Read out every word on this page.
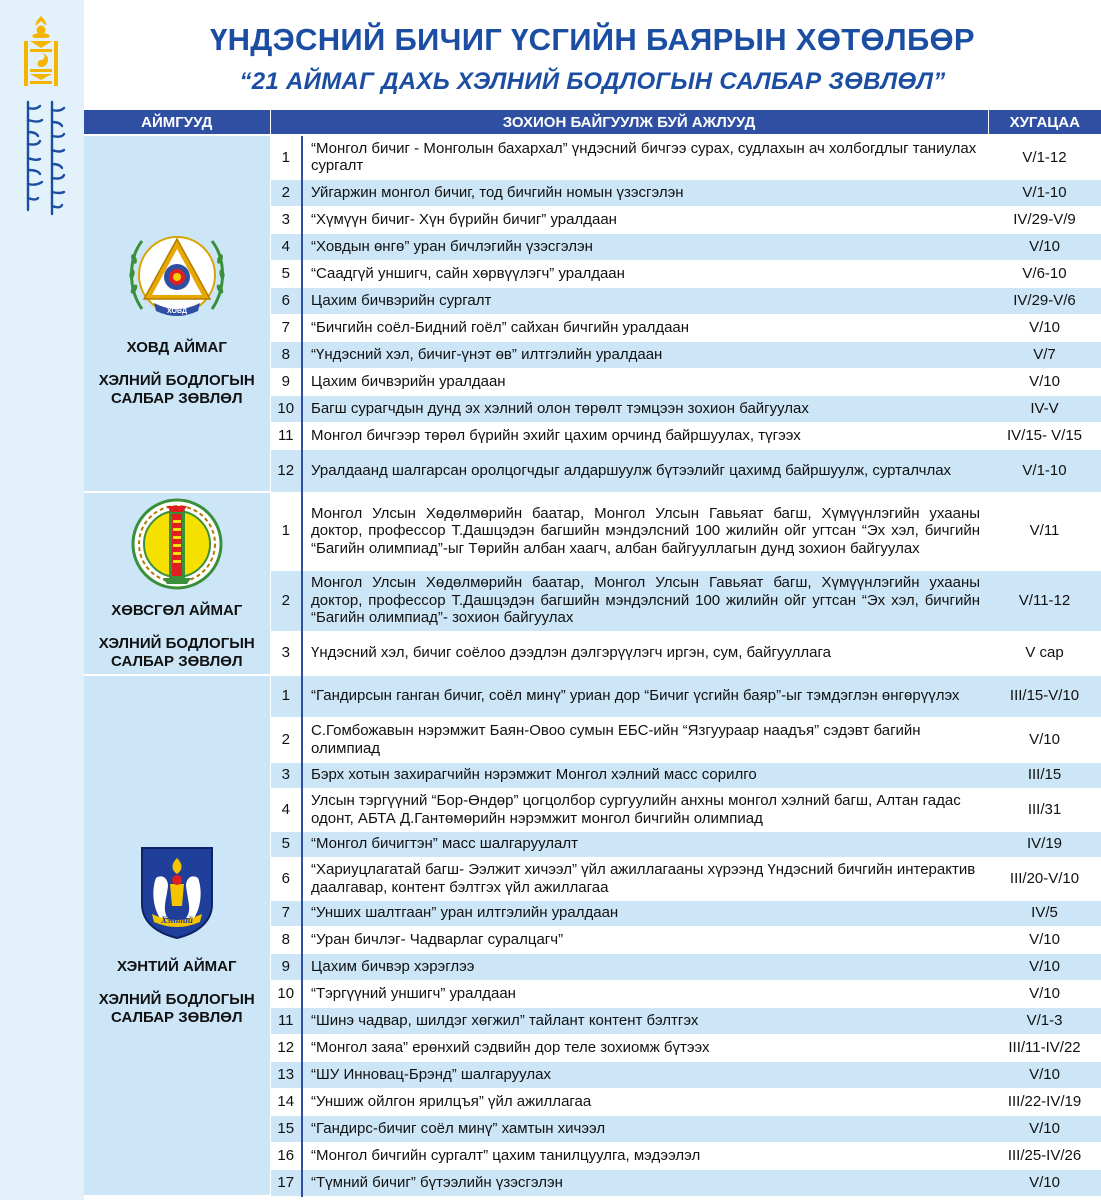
ҮНДЭСНИЙ БИЧИГ ҮСГИЙН БАЯРЫН ХӨТӨЛБӨР
“21 АЙМАГ ДАХЬ ХЭЛНИЙ БОДЛОГЫН САЛБАР ЗӨВЛӨЛ”
АЙМГУУД	ЗОХИОН БАЙГУУЛЖ БУЙ АЖЛУУД		ХУГАЦАА

ХОВД
ХОВД АЙМАГ
ХЭЛНИЙ БОДЛОГЫН САЛБАР ЗӨВЛӨЛ	1	“Монгол бичиг - Монголын бахархал” үндэсний бичгээ сурах, судлахын ач холбогдлыг таниулах сургалт	V/1-12
	2	Уйгаржин монгол бичиг, тод бичгийн номын үзэсгэлэн	V/1-10
	3	“Хүмүүн бичиг- Хүн бүрийн бичиг” уралдаан	IV/29-V/9
	4	“Ховдын өнгө” уран бичлэгийн үзэсгэлэн	V/10
	5	“Саадгүй уншигч, сайн хөрвүүлэгч” уралдаан	V/6-10
	6	Цахим бичвэрийн сургалт	IV/29-V/6
	7	“Бичгийн соёл-Бидний гоёл” сайхан бичгийн уралдаан	V/10
	8	“Үндэсний хэл, бичиг-үнэт өв” илтгэлийн уралдаан	V/7
	9	Цахим бичвэрийн уралдаан	V/10
	10	Багш сурагчдын дунд эх хэлний олон төрөлт тэмцээн зохион байгуулах	IV-V
	11	Монгол бичгээр төрөл бүрийн эхийг цахим орчинд байршуулах, түгээх	IV/15- V/15
	12	Уралдаанд шалгарсан оролцогчдыг алдаршуулж бүтээлийг цахимд байршуулж, сурталчлах	V/1-10

ХӨВСГӨЛ АЙМАГ
ХЭЛНИЙ БОДЛОГЫН САЛБАР ЗӨВЛӨЛ	1	Монгол Улсын Хөдөлмөрийн баатар, Монгол Улсын Гавьяат багш, Хүмүүнлэгийн ухааны доктор, профессор Т.Дашцэдэн багшийн мэндэлсний 100 жилийн ойг угтсан “Эх хэл, бичгийн “Багийн олимпиад”-ыг Төрийн албан хаагч, албан байгууллагын дунд зохион байгуулах	V/11
	2	Монгол Улсын Хөдөлмөрийн баатар, Монгол Улсын Гавьяат багш, Хүмүүнлэгийн ухааны доктор, профессор Т.Дашцэдэн багшийн мэндэлсний 100 жилийн ойг угтсан “Эх хэл, бичгийн “Багийн олимпиад”- зохион байгуулах	V/11-12
	3	Үндэсний хэл, бичиг соёлоо дээдлэн дэлгэрүүлэгч иргэн, сум, байгууллага	V сар

Хэнтий
ХЭНТИЙ АЙМАГ
ХЭЛНИЙ БОДЛОГЫН САЛБАР ЗӨВЛӨЛ	1	“Гандирсын ганган бичиг, соёл минү” уриан дор “Бичиг үсгийн баяр”-ыг тэмдэглэн өнгөрүүлэх	III/15-V/10
	2	С.Гомбожавын нэрэмжит Баян-Овоо сумын ЕБС-ийн “Язгуураар наадъя” сэдэвт багийн олимпиад	V/10
	3	Бэрх хотын захирагчийн нэрэмжит Монгол хэлний масс сорилго	III/15
	4	Улсын тэргүүний “Бор-Өндөр” цогцолбор сургуулийн анхны монгол хэлний багш, Алтан гадас одонт, АБТА Д.Гантөмөрийн нэрэмжит монгол бичгийн олимпиад	III/31
	5	“Монгол бичигтэн” масс шалгаруулалт	IV/19
	6	“Хариуцлагатай багш- Ээлжит хичээл” үйл ажиллагааны хүрээнд Үндэсний бичгийн интерактив даалгавар, контент бэлтгэх үйл ажиллагаа	III/20-V/10
	7	“Унших шалтгаан” уран илтгэлийн уралдаан	IV/5
	8	“Уран бичлэг- Чадварлаг суралцагч”	V/10
	9	Цахим бичвэр хэрэглээ	V/10
	10	“Тэргүүний уншигч” уралдаан	V/10
	11	“Шинэ чадвар, шилдэг хөгжил” тайлант контент бэлтгэх	V/1-3
	12	“Монгол заяа” ерөнхий сэдвийн дор теле зохиомж бүтээх	III/11-IV/22
	13	“ШУ Инновац-Брэнд” шалгаруулах	V/10
	14	“Уншиж ойлгон ярилцъя” үйл ажиллагаа	III/22-IV/19
	15	“Гандирс-бичиг соёл минү” хамтын хичээл	V/10
	16	“Монгол бичгийн сургалт” цахим танилцуулга, мэдээлэл	III/25-IV/26
	17	“Түмний бичиг” бүтээлийн үзэсгэлэн	V/10
